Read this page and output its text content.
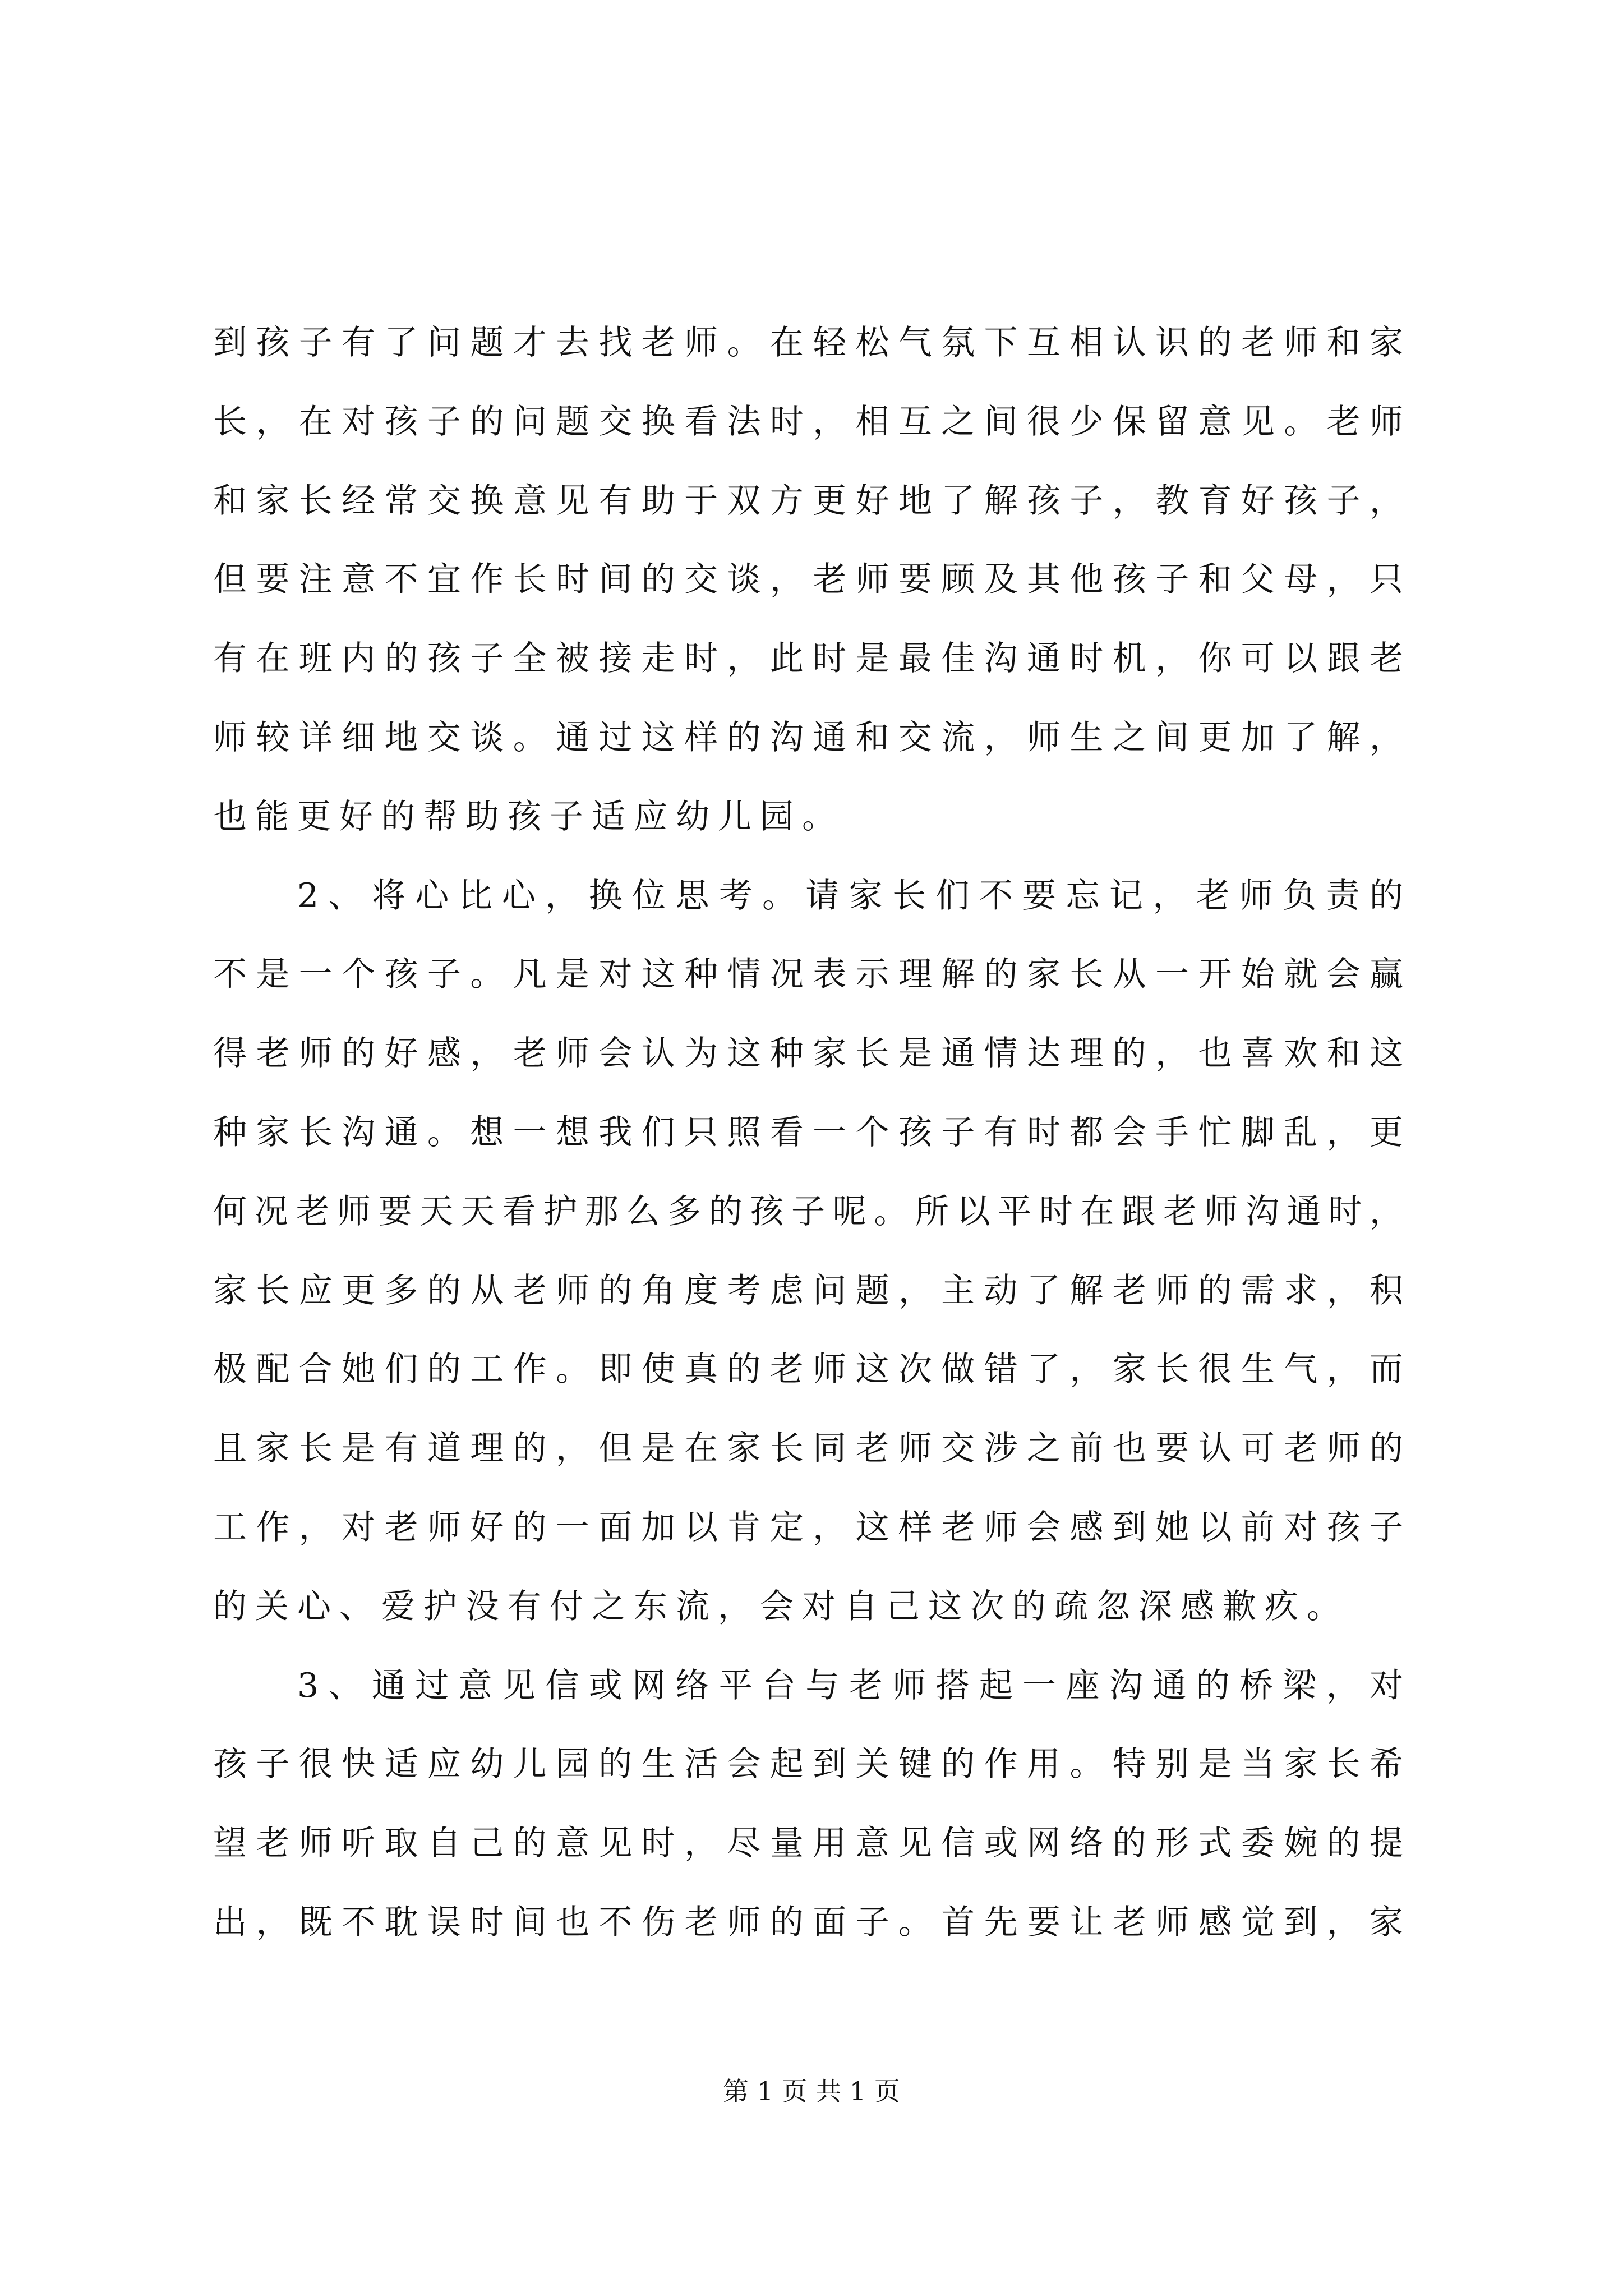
到孩子有了问题才去找老师。在轻松气氛下互相认识的老师和家
长，在对孩子的问题交换看法时，相互之间很少保留意见。老师
和家长经常交换意见有助于双方更好地了解孩子，教育好孩子，
但要注意不宜作长时间的交谈，老师要顾及其他孩子和父母，只
有在班内的孩子全被接走时，此时是最佳沟通时机，你可以跟老
师较详细地交谈。通过这样的沟通和交流，师生之间更加了解，
也能更好的帮助孩子适应幼儿园。
2、将心比心，换位思考。请家长们不要忘记，老师负责的
不是一个孩子。凡是对这种情况表示理解的家长从一开始就会赢
得老师的好感，老师会认为这种家长是通情达理的，也喜欢和这
种家长沟通。想一想我们只照看一个孩子有时都会手忙脚乱，更
何况老师要天天看护那么多的孩子呢。所以平时在跟老师沟通时，
家长应更多的从老师的角度考虑问题，主动了解老师的需求，积
极配合她们的工作。即使真的老师这次做错了，家长很生气，而
且家长是有道理的，但是在家长同老师交涉之前也要认可老师的
工作，对老师好的一面加以肯定，这样老师会感到她以前对孩子
的关心、爱护没有付之东流，会对自己这次的疏忽深感歉疚。
3、通过意见信或网络平台与老师搭起一座沟通的桥梁，对
孩子很快适应幼儿园的生活会起到关键的作用。特别是当家长希
望老师听取自己的意见时，尽量用意见信或网络的形式委婉的提
出，既不耽误时间也不伤老师的面子。首先要让老师感觉到，家
第 1 页 共 1 页
